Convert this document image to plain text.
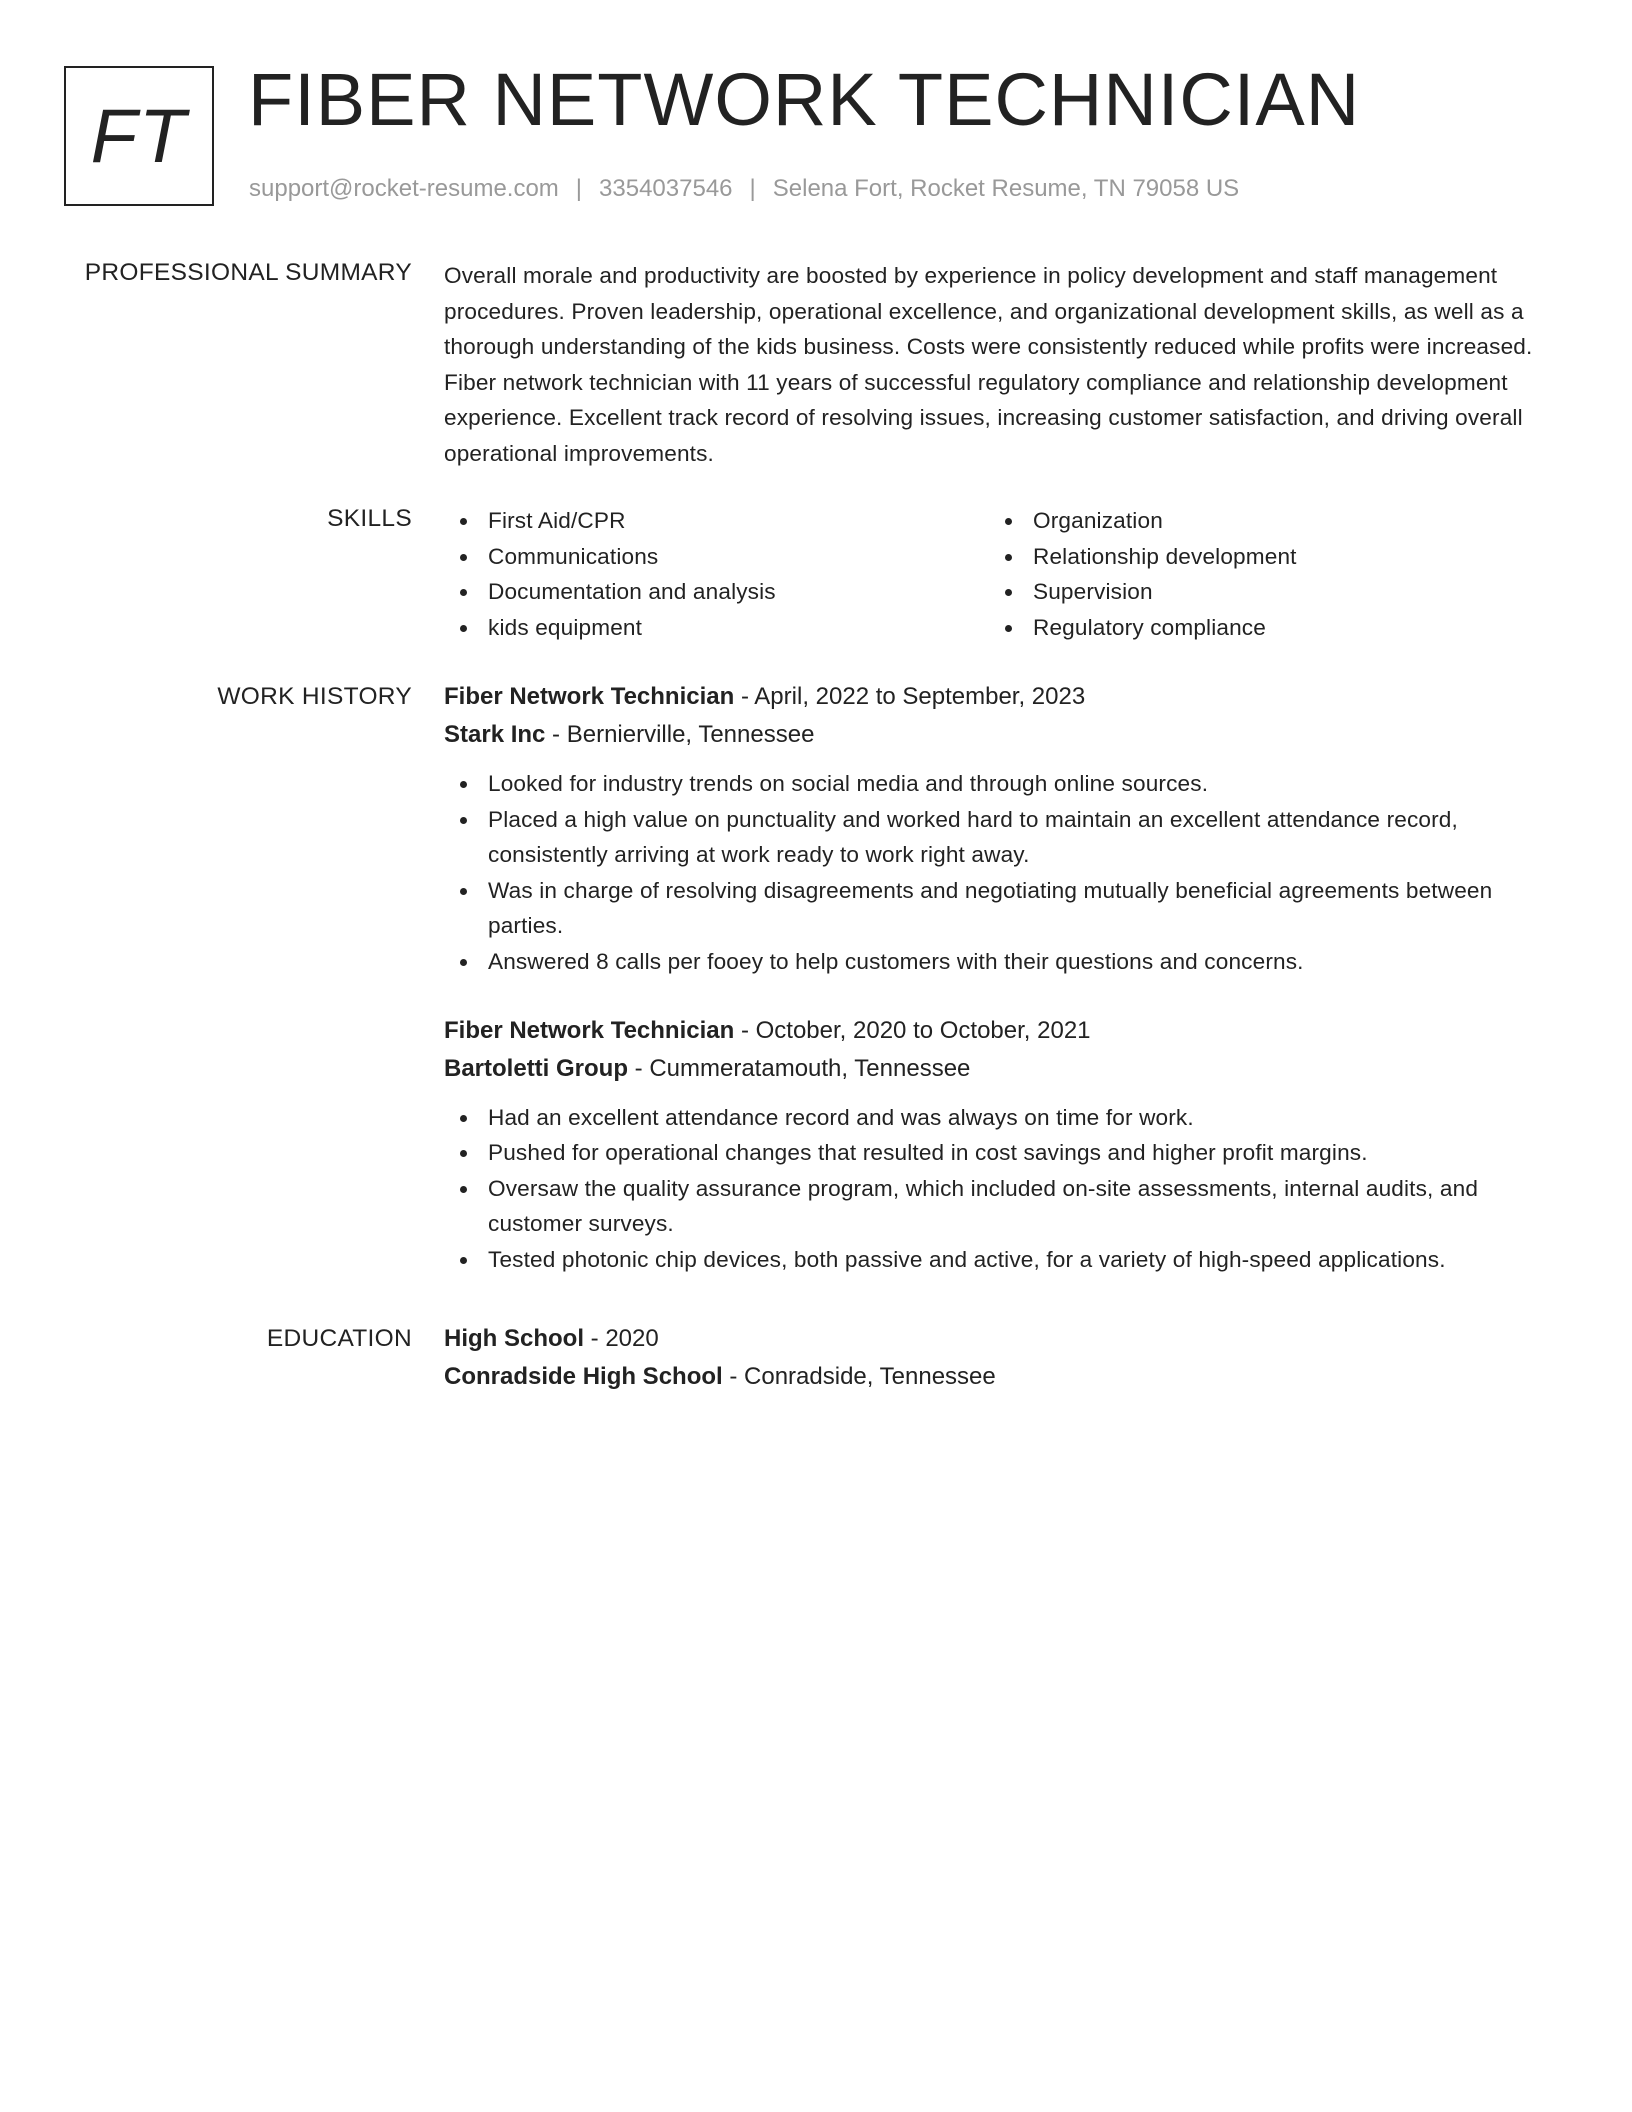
FT FIBER NETWORK TECHNICIAN
support@rocket-resume.com | 3354037546 | Selena Fort, Rocket Resume, TN 79058 US
PROFESSIONAL SUMMARY Overall morale and productivity are boosted by experience in policy development and staff management procedures. Proven leadership, operational excellence, and organizational development skills, as well as a thorough understanding of the kids business. Costs were consistently reduced while profits were increased. Fiber network technician with 11 years of successful regulatory compliance and relationship development experience. Excellent track record of resolving issues, increasing customer satisfaction, and driving overall operational improvements.

SKILLS	First Aid/CPR
Communications
Documentation and analysis
kids equipment
Organization
Relationship development
Supervision
Regulatory compliance
WORK HISTORY Fiber Network Technician - April, 2022 to September, 2023
Stark Inc - Bernierville, Tennessee
Looked for industry trends on social media and through online sources.
Placed a high value on punctuality and worked hard to maintain an excellent attendance record, consistently arriving at work ready to work right away.
Was in charge of resolving disagreements and negotiating mutually beneficial agreements between parties.
Answered 8 calls per fooey to help customers with their questions and concerns.
Fiber Network Technician - October, 2020 to October, 2021
Bartoletti Group - Cummeratamouth, Tennessee
Had an excellent attendance record and was always on time for work.
Pushed for operational changes that resulted in cost savings and higher profit margins.
Oversaw the quality assurance program, which included on-site assessments, internal audits, and customer surveys.
Tested photonic chip devices, both passive and active, for a variety of high-speed applications.
EDUCATION High School - 2020
Conradside High School - Conradside, Tennessee
